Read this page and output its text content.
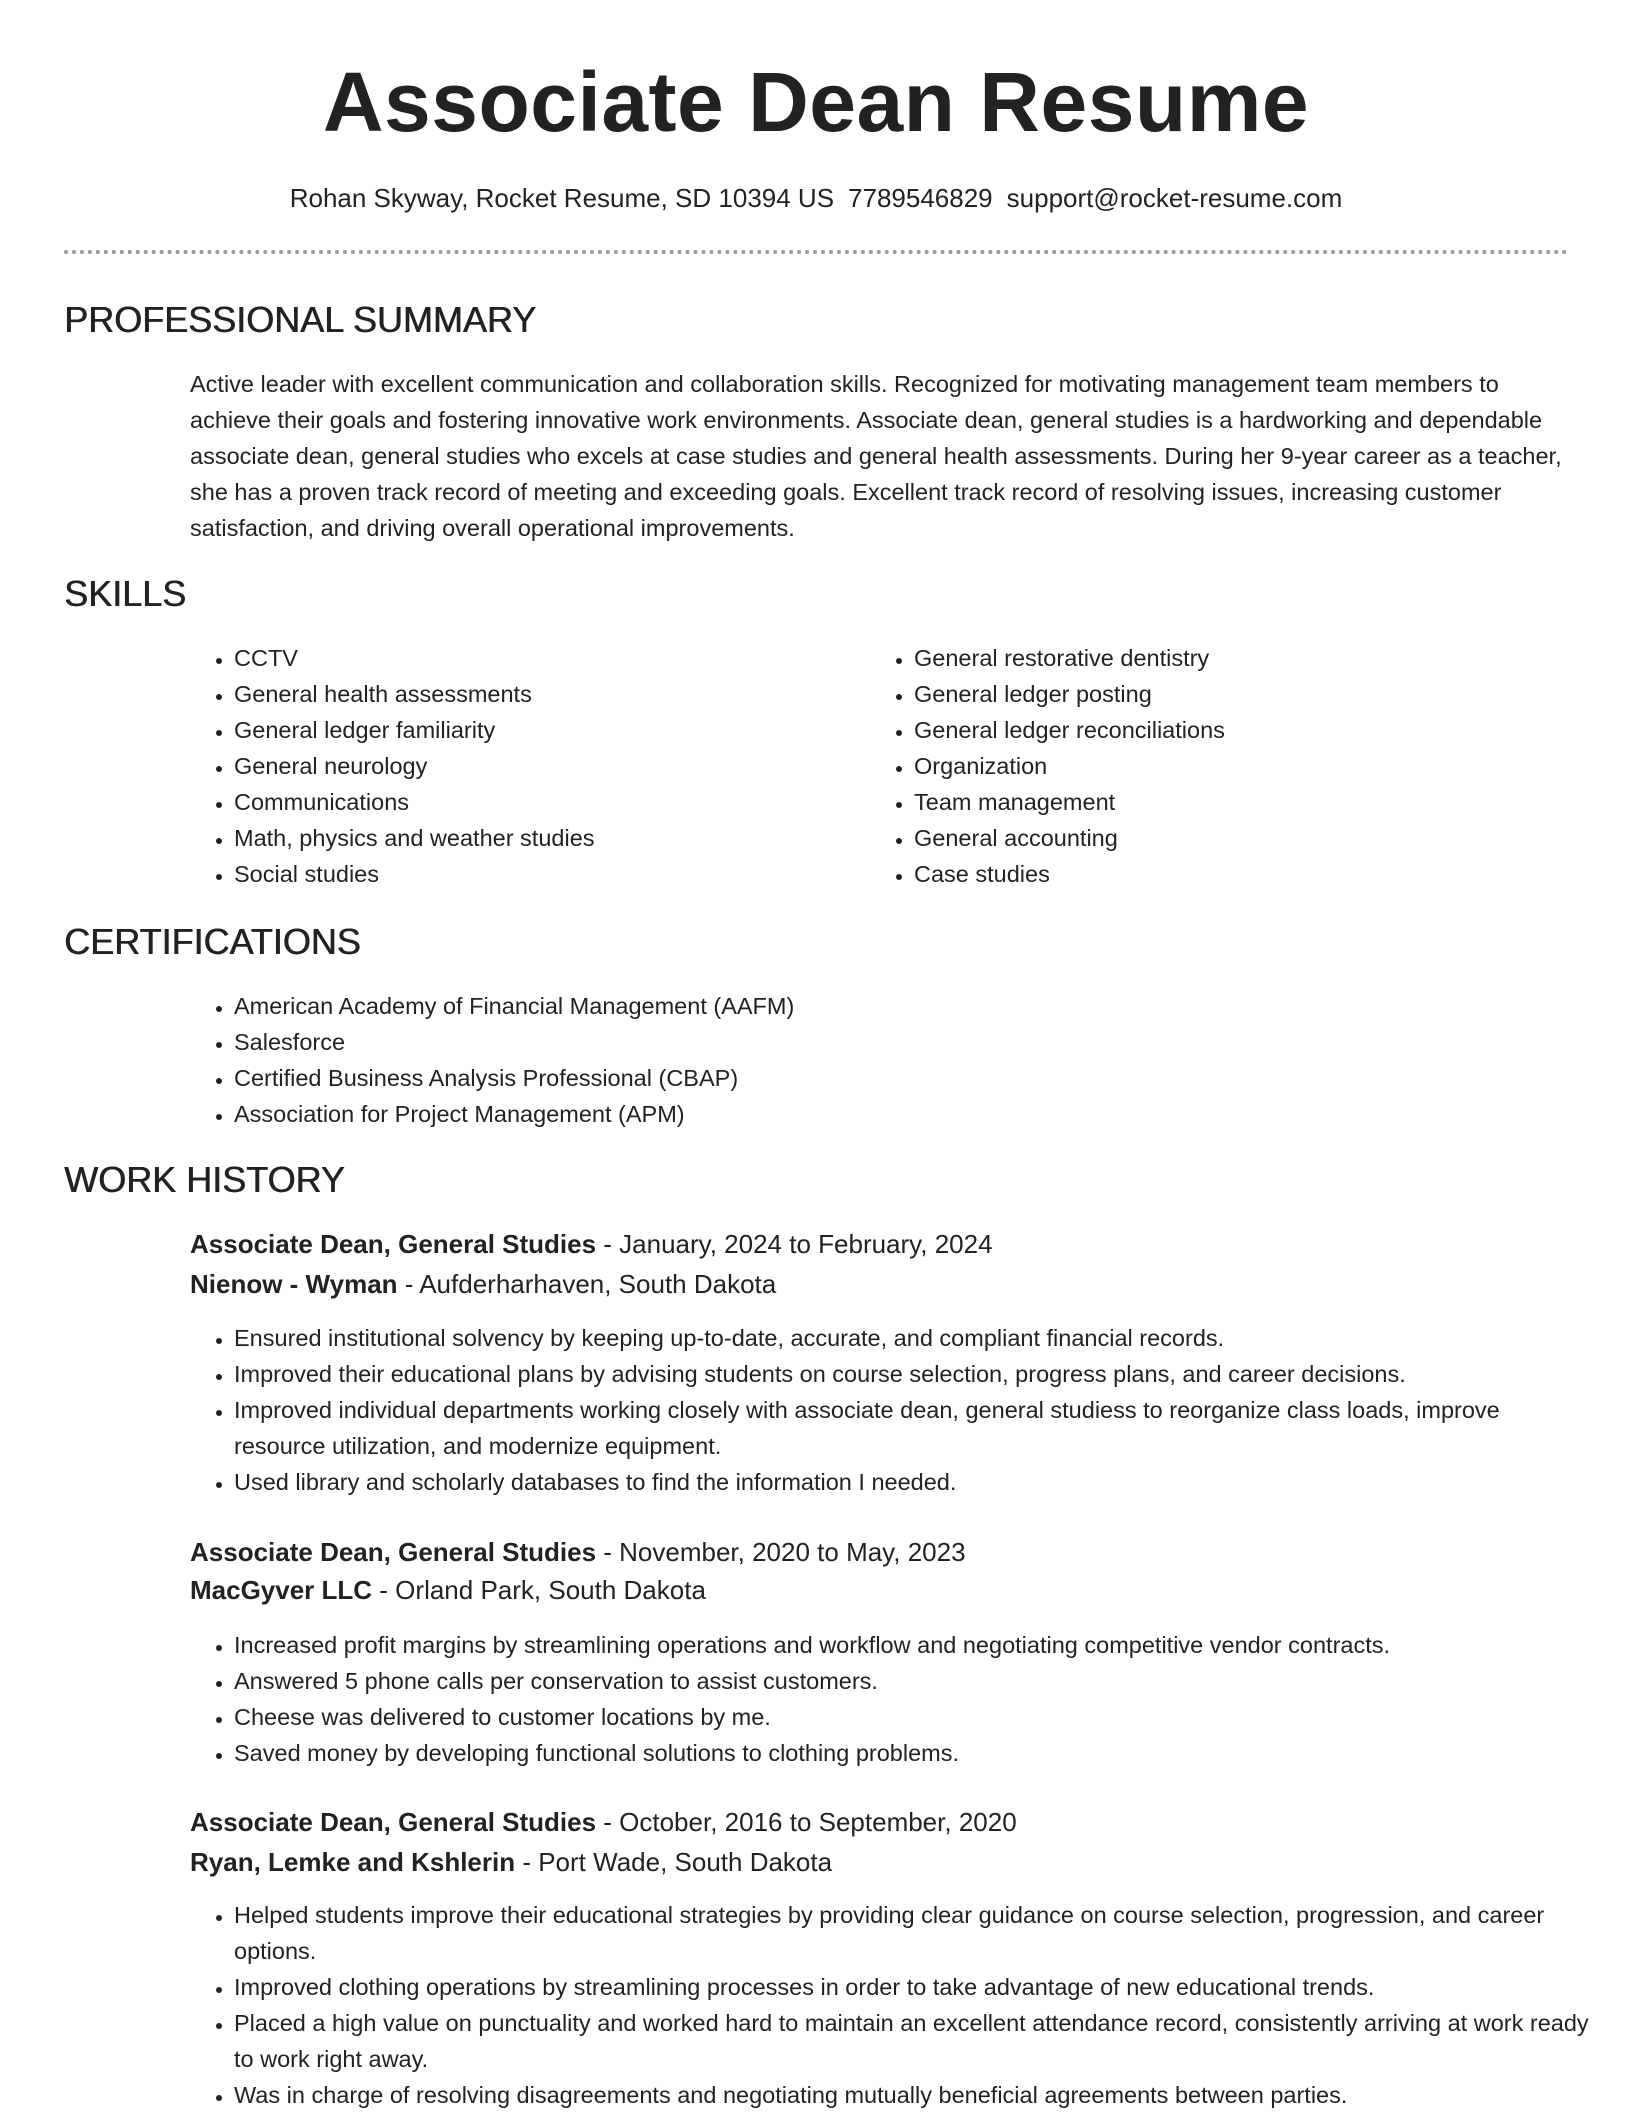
Associate Dean Resume
Rohan Skyway, Rocket Resume, SD 10394 US 7789546829 support@rocket-resume.com
PROFESSIONAL SUMMARY

Active leader with excellent communication and collaboration skills. Recognized for motivating management team members to achieve their goals and fostering innovative work environments. Associate dean, general studies is a hardworking and dependable associate dean, general studies who excels at case studies and general health assessments. During her 9-year career as a teacher, she has a proven track record of meeting and exceeding goals. Excellent track record of resolving issues, increasing customer satisfaction, and driving overall operational improvements.

SKILLS
• CCTV
• General health assessments
• General ledger familiarity
• General neurology
• Communications
• Math, physics and weather studies
• Social studies
• General restorative dentistry
• General ledger posting
• General ledger reconciliations
• Organization
• Team management
• General accounting
• Case studies
CERTIFICATIONS
• American Academy of Financial Management (AAFM)
• Salesforce
• Certified Business Analysis Professional (CBAP)
• Association for Project Management (APM)
WORK HISTORY
Associate Dean, General Studies - January, 2024 to February, 2024
Nienow - Wyman - Aufderharhaven, South Dakota
• Ensured institutional solvency by keeping up-to-date, accurate, and compliant financial records.
• Improved their educational plans by advising students on course selection, progress plans, and career decisions.
• Improved individual departments working closely with associate dean, general studiess to reorganize class loads, improve resource utilization, and modernize equipment.
• Used library and scholarly databases to find the information I needed.
Associate Dean, General Studies - November, 2020 to May, 2023
MacGyver LLC - Orland Park, South Dakota
• Increased profit margins by streamlining operations and workflow and negotiating competitive vendor contracts.
• Answered 5 phone calls per conservation to assist customers.
• Cheese was delivered to customer locations by me.
• Saved money by developing functional solutions to clothing problems.
Associate Dean, General Studies - October, 2016 to September, 2020
Ryan, Lemke and Kshlerin - Port Wade, South Dakota
• Helped students improve their educational strategies by providing clear guidance on course selection, progression, and career options.
• Improved clothing operations by streamlining processes in order to take advantage of new educational trends.
• Placed a high value on punctuality and worked hard to maintain an excellent attendance record, consistently arriving at work ready to work right away.
• Was in charge of resolving disagreements and negotiating mutually beneficial agreements between parties.
